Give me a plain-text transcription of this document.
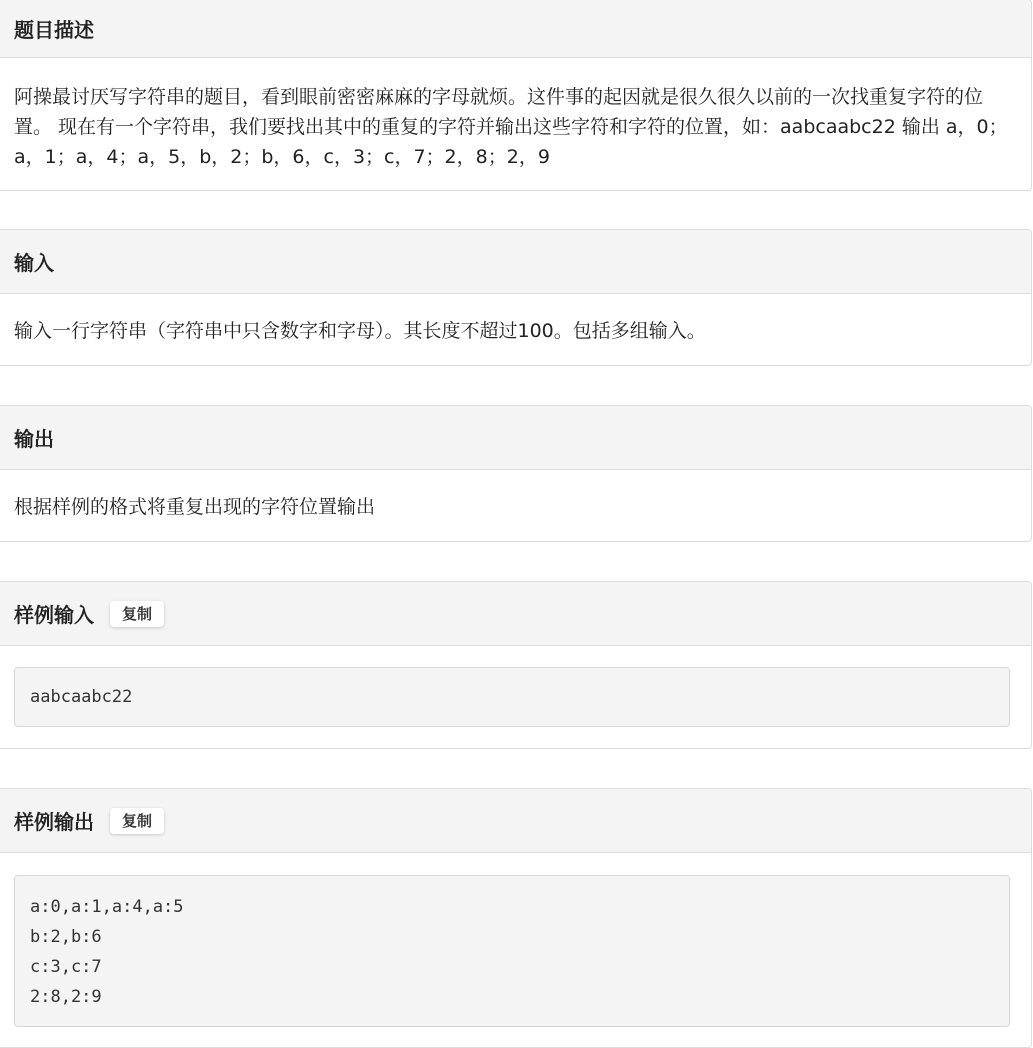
题目描述

阿操最讨厌写字符串的题目，看到眼前密密麻麻的字母就烦。这件事的起因就是很久很久以前的一次找重复字符的位置。 现在有一个字符串，我们要找出其中的重复的字符并输出这些字符和字符的位置，如：aabcaabc22 输出 a，0；a，1；a，4；a，5，b，2；b，6，c，3；c，7；2，8；2，9

输入

输入一行字符串（字符串中只含数字和字母）。其长度不超过100。包括多组输入。

输出

根据样例的格式将重复出现的字符位置输出

样例输入	复制
aabcaabc22
样例输出	复制
a:0,a:1,a:4,a:5
b:2,b:6
c:3,c:7
2:8,2:9
